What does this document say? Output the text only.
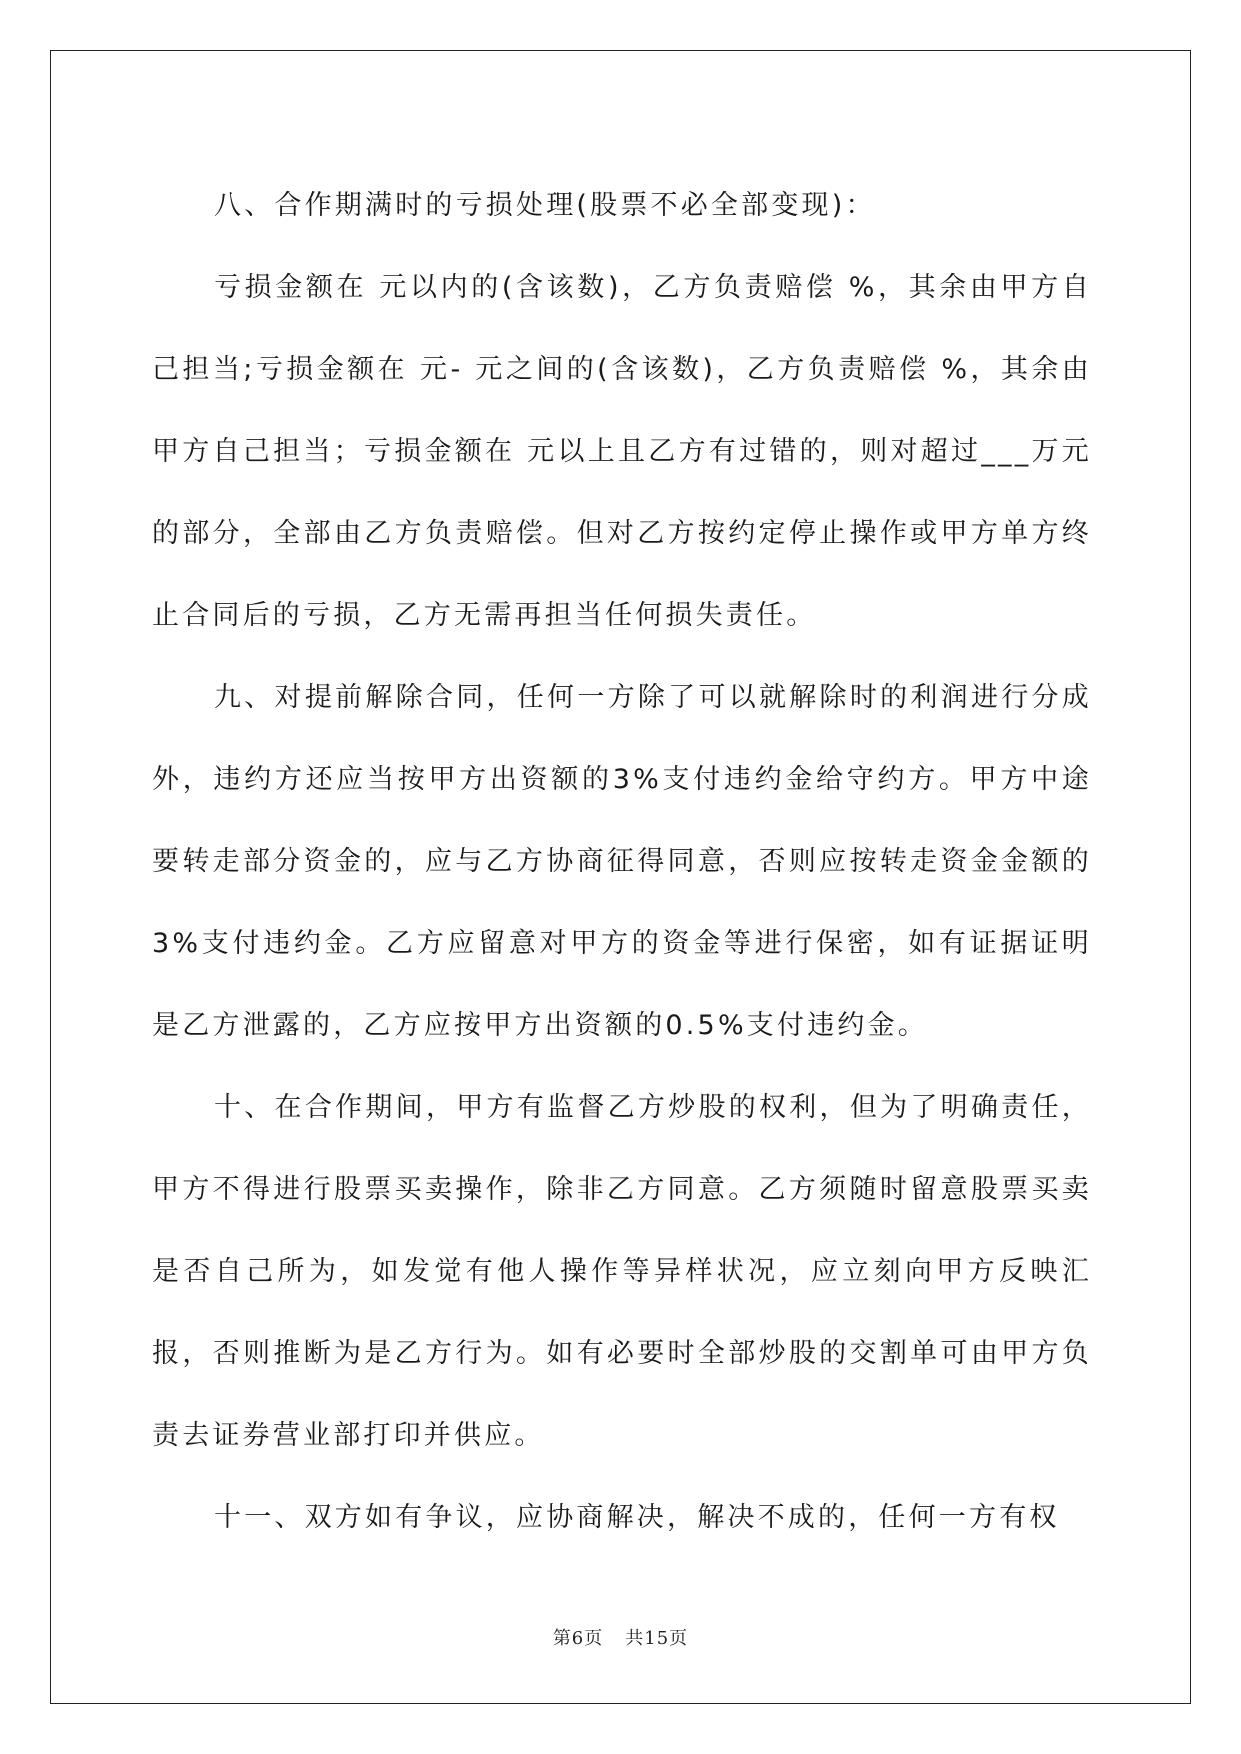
八、合作期满时的亏损处理(股票不必全部变现)：

亏损金额在 元以内的(含该数)，乙方负责赔偿 %，其余由甲方自己担当;亏损金额在 元- 元之间的(含该数)，乙方负责赔偿 %，其余由甲方自己担当；亏损金额在 元以上且乙方有过错的，则对超过___万元的部分，全部由乙方负责赔偿。但对乙方按约定停止操作或甲方单方终止合同后的亏损，乙方无需再担当任何损失责任。

九、对提前解除合同，任何一方除了可以就解除时的利润进行分成外，违约方还应当按甲方出资额的3%支付违约金给守约方。甲方中途要转走部分资金的，应与乙方协商征得同意，否则应按转走资金金额的3%支付违约金。乙方应留意对甲方的资金等进行保密，如有证据证明是乙方泄露的，乙方应按甲方出资额的0.5%支付违约金。

十、在合作期间，甲方有监督乙方炒股的权利，但为了明确责任，甲方不得进行股票买卖操作，除非乙方同意。乙方须随时留意股票买卖是否自己所为，如发觉有他人操作等异样状况，应立刻向甲方反映汇报，否则推断为是乙方行为。如有必要时全部炒股的交割单可由甲方负责去证券营业部打印并供应。

十一、双方如有争议，应协商解决，解决不成的，任何一方有权

第6页 共15页
